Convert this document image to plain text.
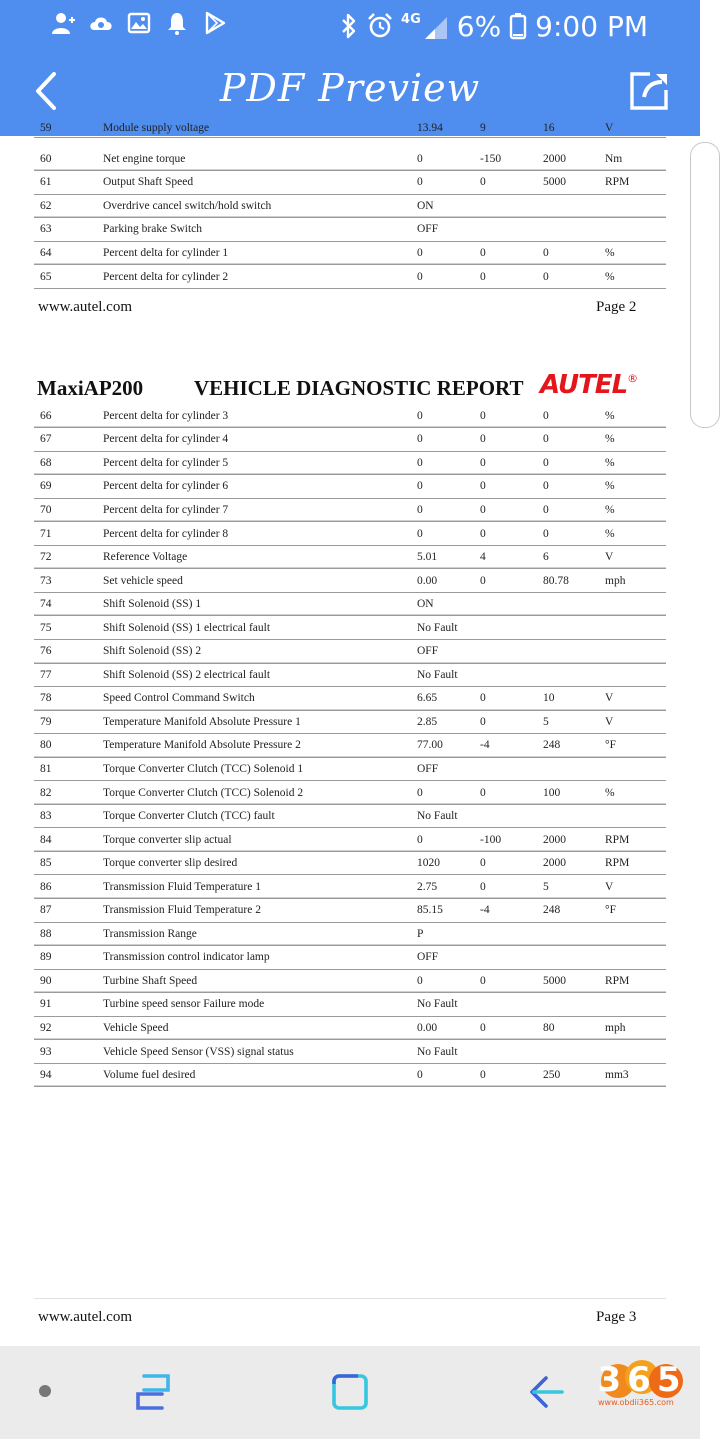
4G 6% 9:00 PM
PDF Preview
59	Module supply voltage	13.94	9	16	V
60	Net engine torque	0	-150	2000	Nm
61	Output Shaft Speed	0	0	5000	RPM
62	Overdrive cancel switch/hold switch	ON			
63	Parking brake Switch	OFF			
64	Percent delta for cylinder 1	0	0	0	%
65	Percent delta for cylinder 2	0	0	0	%
www.autel.com	Page 2
MaxiAP200 VEHICLE DIAGNOSTIC REPORT AUTEL®
66	Percent delta for cylinder 3	0	0	0	%
67	Percent delta for cylinder 4	0	0	0	%
68	Percent delta for cylinder 5	0	0	0	%
69	Percent delta for cylinder 6	0	0	0	%
70	Percent delta for cylinder 7	0	0	0	%
71	Percent delta for cylinder 8	0	0	0	%
72	Reference Voltage	5.01	4	6	V
73	Set vehicle speed	0.00	0	80.78	mph
74	Shift Solenoid (SS) 1	ON			
75	Shift Solenoid (SS) 1 electrical fault	No Fault			
76	Shift Solenoid (SS) 2	OFF			
77	Shift Solenoid (SS) 2 electrical fault	No Fault			
78	Speed Control Command Switch	6.65	0	10	V
79	Temperature Manifold Absolute Pressure 1	2.85	0	5	V
80	Temperature Manifold Absolute Pressure 2	77.00	-4	248	°F
81	Torque Converter Clutch (TCC) Solenoid 1	OFF			
82	Torque Converter Clutch (TCC) Solenoid 2	0	0	100	%
83	Torque Converter Clutch (TCC) fault	No Fault			
84	Torque converter slip actual	0	-100	2000	RPM
85	Torque converter slip desired	1020	0	2000	RPM
86	Transmission Fluid Temperature 1	2.75	0	5	V
87	Transmission Fluid Temperature 2	85.15	-4	248	°F
88	Transmission Range	P			
89	Transmission control indicator lamp	OFF			
90	Turbine Shaft Speed	0	0	5000	RPM
91	Turbine speed sensor Failure mode	No Fault			
92	Vehicle Speed	0.00	0	80	mph
93	Vehicle Speed Sensor (VSS) signal status	No Fault			
94	Volume fuel desired	0	0	250	mm3
www.autel.com	Page 3
365
www.obdii365.com
